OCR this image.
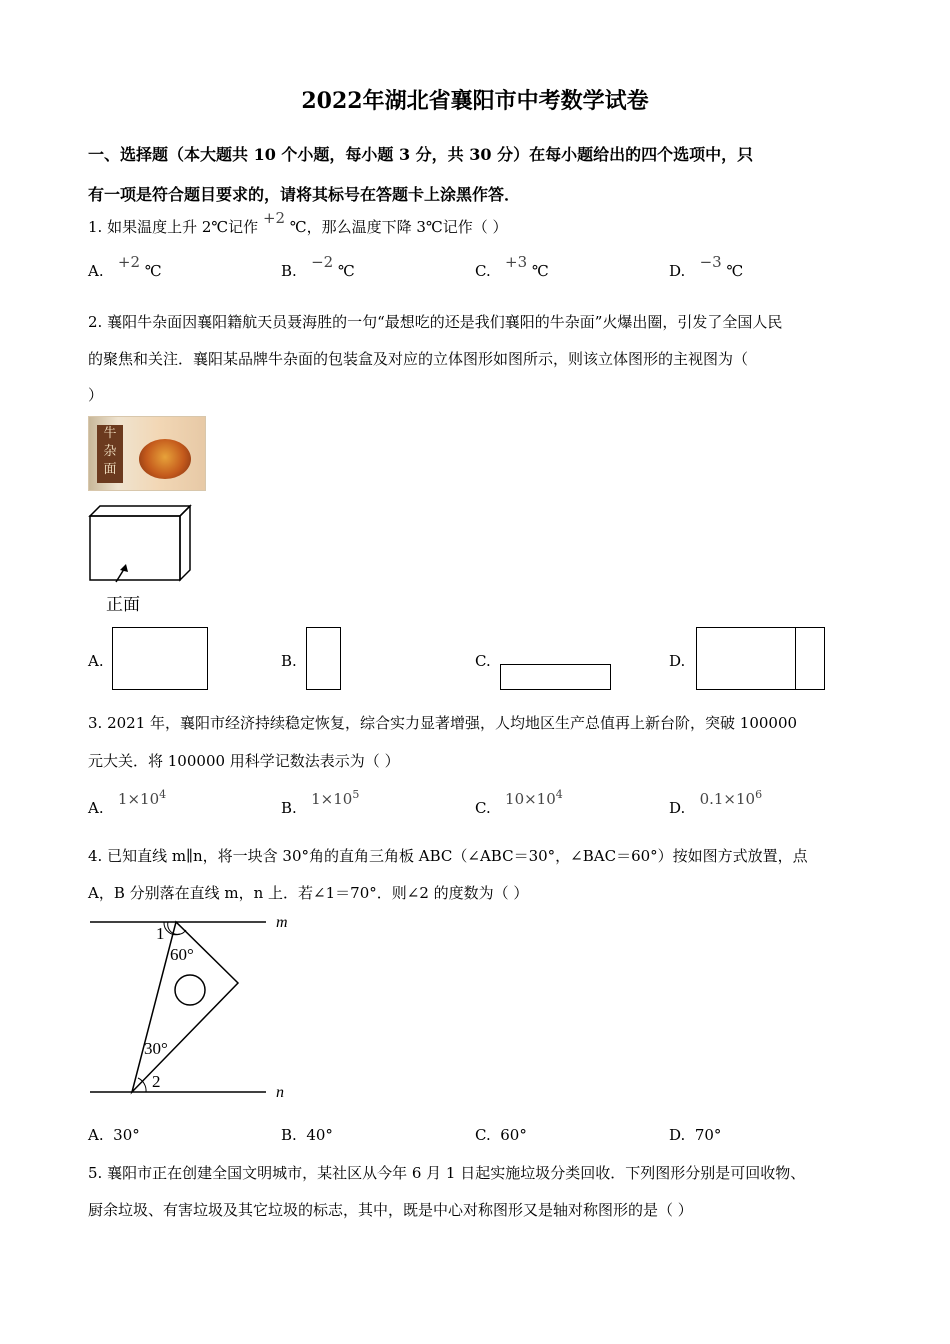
2022年湖北省襄阳市中考数学试卷
一、选择题（本大题共 10 个小题，每小题 3 分，共 30 分）在每小题给出的四个选项中，只
有一项是符合题目要求的，请将其标号在答题卡上涂黑作答．
1. 如果温度上升 2℃记作 +2 ℃，那么温度下降 3℃记作（ ）
A. +2 ℃	B. −2 ℃	C. +3 ℃	D. −3 ℃
2. 襄阳牛杂面因襄阳籍航天员聂海胜的一句“最想吃的还是我们襄阳的牛杂面”火爆出圈，引发了全国人民
的聚焦和关注．襄阳某品牌牛杂面的包装盒及对应的立体图形如图所示，则该立体图形的主视图为（
）
牛
杂
面
正面
A.	B.	C.	D.
3. 2021 年，襄阳市经济持续稳定恢复，综合实力显著增强，人均地区生产总值再上新台阶，突破 100000
元大关．将 100000 用科学记数法表示为（ ）
A. $1\times 10^4$
B. $1\times 10^5$
C. $10\times 10^4$
D. $0.1\times 10^6$
4. 已知直线 m∥n，将一块含 30°角的直角三角板 ABC（∠ABC＝30°，∠BAC＝60°）按如图方式放置，点
A，B 分别落在直线 m，n 上．若∠1＝70°．则∠2 的度数为（ ）
m
n
1
2
60°
30°
A. 30°	B. 40°	C. 60°	D. 70°
5. 襄阳市正在创建全国文明城市，某社区从今年 6 月 1 日起实施垃圾分类回收．下列图形分别是可回收物、
厨余垃圾、有害垃圾及其它垃圾的标志，其中，既是中心对称图形又是轴对称图形的是（ ）
